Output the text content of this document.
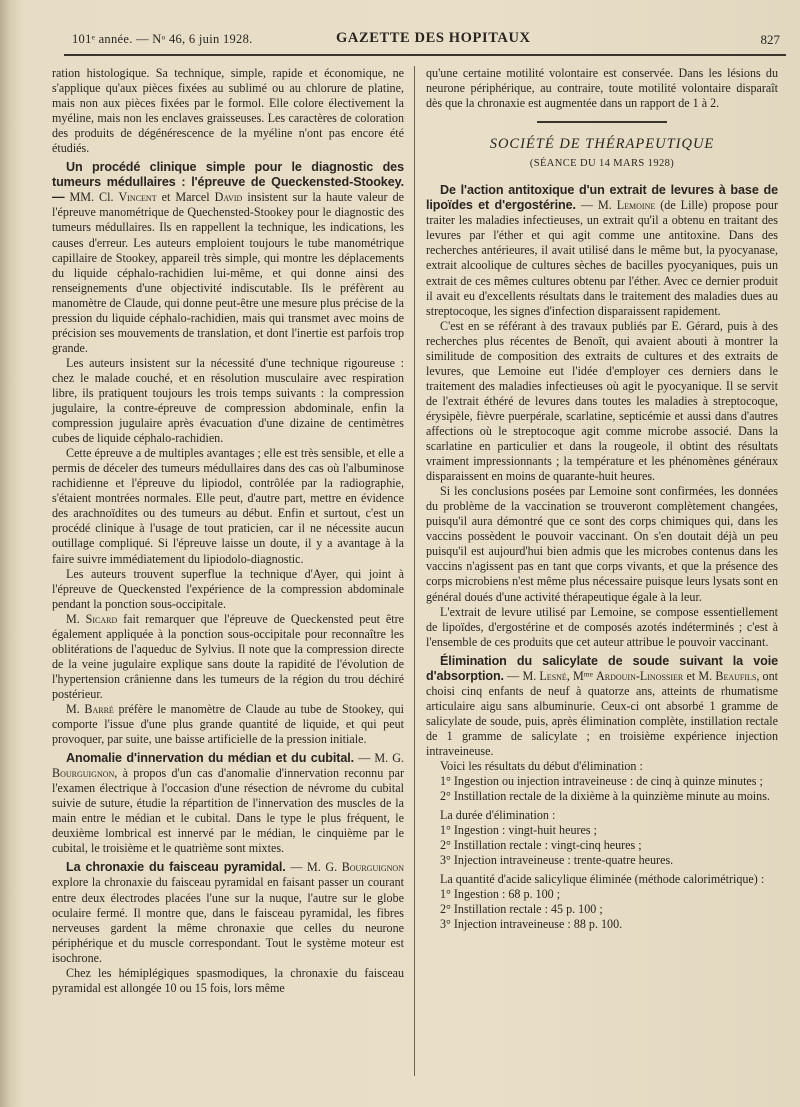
101ᵉ année. — Nᵒ 46, 6 juin 1928.	GAZETTE DES HOPITAUX	827

ration histologique. Sa technique, simple, rapide et économique, ne s'applique qu'aux pièces fixées au sublimé ou au chlorure de platine, mais non aux pièces fixées par le formol. Elle colore électivement la myéline, mais non les enclaves graisseuses. Les caractères de coloration des produits de dégénérescence de la myéline n'ont pas encore été étudiés.

Un procédé clinique simple pour le diagnostic des tumeurs médullaires : l'épreuve de Queckensted-Stookey. — MM. Cl. Vincent et Marcel David insistent sur la haute valeur de l'épreuve manométrique de Quechensted-Stookey pour le diagnostic des tumeurs médullaires. Ils en rappellent la technique, les indications, les causes d'erreur. Les auteurs emploient toujours le tube manométrique capillaire de Stookey, appareil très simple, qui montre les déplacements du liquide céphalo-rachidien lui-même, et qui donne ainsi des renseignements d'une objectivité indiscutable. Ils le préfèrent au manomètre de Claude, qui donne peut-être une mesure plus précise de la pression du liquide céphalo-rachidien, mais qui transmet avec moins de précision ses mouvements de translation, et dont l'inertie est parfois trop grande.

Les auteurs insistent sur la nécessité d'une technique rigoureuse : chez le malade couché, et en résolution musculaire avec respiration libre, ils pratiquent toujours les trois temps suivants : la compression jugulaire, la contre-épreuve de compression abdominale, enfin la compression jugulaire après évacuation d'une dizaine de centimètres cubes de liquide céphalo-rachidien.

Cette épreuve a de multiples avantages ; elle est très sensible, et elle a permis de déceler des tumeurs médullaires dans des cas où l'albuminose rachidienne et l'épreuve du lipiodol, contrôlée par la radiographie, s'étaient montrées normales. Elle peut, d'autre part, mettre en évidence des arachnoïdites ou des tumeurs au début. Enfin et surtout, c'est un procédé clinique à l'usage de tout praticien, car il ne nécessite aucun outillage compliqué. Si l'épreuve laisse un doute, il y a avantage à la faire suivre immédiatement du lipiodolo-diagnostic.

Les auteurs trouvent superflue la technique d'Ayer, qui joint à l'épreuve de Queckensted l'expérience de la compression abdominale pendant la ponction sous-occipitale.

M. Sicard fait remarquer que l'épreuve de Queckensted peut être également appliquée à la ponction sous-occipitale pour reconnaître les oblitérations de l'aqueduc de Sylvius. Il note que la compression directe de la veine jugulaire explique sans doute la rapidité de l'évolution de l'hypertension crânienne dans les tumeurs de la région du trou déchiré postérieur.

M. Barré préfère le manomètre de Claude au tube de Stookey, qui comporte l'issue d'une plus grande quantité de liquide, et qui peut provoquer, par suite, une baisse artificielle de la pression initiale.

Anomalie d'innervation du médian et du cubital. — M. G. Bourguignon, à propos d'un cas d'anomalie d'innervation reconnu par l'examen électrique à l'occasion d'une résection de névrome du cubital suivie de suture, étudie la répartition de l'innervation des muscles de la main entre le médian et le cubital. Dans le type le plus fréquent, le deuxième lombrical est innervé par le médian, le cinquième par le cubital, le troisième et le quatrième sont mixtes.

La chronaxie du faisceau pyramidal. — M. G. Bourguignon explore la chronaxie du faisceau pyramidal en faisant passer un courant entre deux électrodes placées l'une sur la nuque, l'autre sur le globe oculaire fermé. Il montre que, dans le faisceau pyramidal, les fibres nerveuses gardent la même chronaxie que celles du neurone périphérique et du muscle correspondant. Tout le système moteur est isochrone.

Chez les hémiplégiques spasmodiques, la chronaxie du faisceau pyramidal est allongée 10 ou 15 fois, lors même

qu'une certaine motilité volontaire est conservée. Dans les lésions du neurone périphérique, au contraire, toute motilité volontaire disparaît dès que la chronaxie est augmentée dans un rapport de 1 à 2.

SOCIÉTÉ DE THÉRAPEUTIQUE
(SÉANCE DU 14 MARS 1928)

De l'action antitoxique d'un extrait de levures à base de lipoïdes et d'ergostérine. — M. Lemoine (de Lille) propose pour traiter les maladies infectieuses, un extrait qu'il a obtenu en traitant des levures par l'éther et qui agit comme une antitoxine. Dans des recherches antérieures, il avait utilisé dans le même but, la pyocyanase, extrait alcoolique de cultures sèches de bacilles pyocyaniques, puis un extrait de ces mêmes cultures obtenu par l'éther. Avec ce dernier produit il avait eu d'excellents résultats dans le traitement des maladies dues au streptocoque, les signes d'infection disparaissent rapidement.

C'est en se référant à des travaux publiés par E. Gérard, puis à des recherches plus récentes de Benoît, qui avaient abouti à montrer la similitude de composition des extraits de cultures et des extraits de levures, que Lemoine eut l'idée d'employer ces derniers dans le traitement des maladies infectieuses où agit le pyocyanique. Il se servit de l'extrait éthéré de levures dans toutes les maladies à streptocoque, érysipèle, fièvre puerpérale, scarlatine, septicémie et aussi dans d'autres affections où le streptocoque agit comme microbe associé. Dans la scarlatine en particulier et dans la rougeole, il obtint des résultats vraiment impressionnants ; la température et les phénomènes généraux disparaissent en moins de quarante-huit heures.

Si les conclusions posées par Lemoine sont confirmées, les données du problème de la vaccination se trouveront complètement changées, puisqu'il aura démontré que ce sont des corps chimiques qui, dans les vaccins possèdent le pouvoir vaccinant. On s'en doutait déjà un peu puisqu'il est aujourd'hui bien admis que les microbes contenus dans les vaccins n'agissent pas en tant que corps vivants, et que la présence des corps microbiens n'est même plus nécessaire puisque leurs lysats sont en général doués d'une activité thérapeutique égale à la leur.

L'extrait de levure utilisé par Lemoine, se compose essentiellement de lipoïdes, d'ergostérine et de composés azotés indéterminés ; c'est à l'ensemble de ces produits que cet auteur attribue le pouvoir vaccinant.

Élimination du salicylate de soude suivant la voie d'absorption. — M. Lesné, Mᵐᵉ Ardouin-Linossier et M. Beaufils, ont choisi cinq enfants de neuf à quatorze ans, atteints de rhumatisme articulaire aigu sans albuminurie. Ceux-ci ont absorbé 1 gramme de salicylate de soude, puis, après élimination complète, instillation rectale de 1 gramme de salicylate ; en troisième expérience injection intraveineuse.

Voici les résultats du début d'élimination :

1° Ingestion ou injection intraveineuse : de cinq à quinze minutes ;

2° Instillation rectale de la dixième à la quinzième minute au moins.

La durée d'élimination :

1° Ingestion : vingt-huit heures ;

2° Instillation rectale : vingt-cinq heures ;

3° Injection intraveineuse : trente-quatre heures.

La quantité d'acide salicylique éliminée (méthode calorimétrique) :

1° Ingestion : 68 p. 100 ;

2° Instillation rectale : 45 p. 100 ;

3° Injection intraveineuse : 88 p. 100.
